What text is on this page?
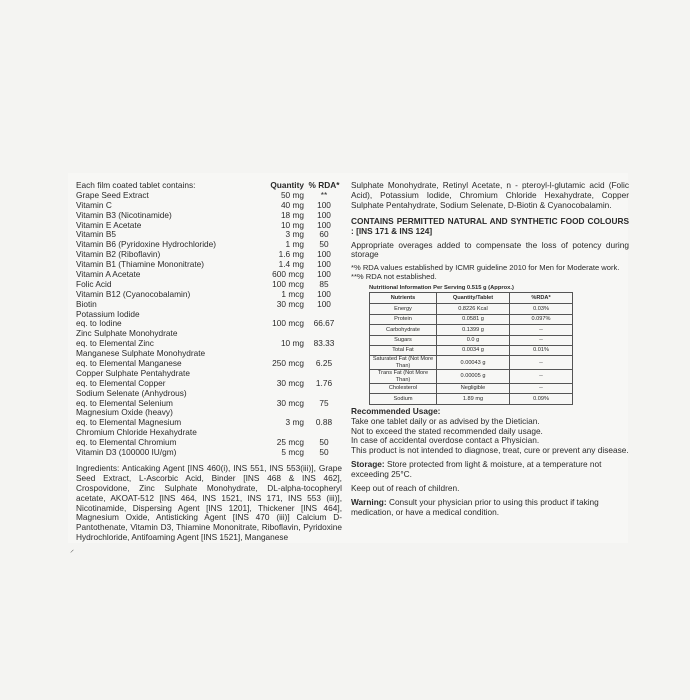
Each film coated tablet contains:	Quantity % RDA*
Grape Seed Extract	50 mg	**
Vitamin C	40 mg	100
Vitamin B3 (Nicotinamide)	18 mg	100
Vitamin E Acetate	10 mg	100
Vitamin B5	3 mg	60
Vitamin B6 (Pyridoxine Hydrochloride)	1 mg	50
Vitamin B2 (Riboflavin)	1.6 mg	100
Vitamin B1 (Thiamine Mononitrate)	1.4 mg	100
Vitamin A Acetate	600 mcg	100
Folic Acid	100 mcg	85
Vitamin B12 (Cyanocobalamin)	1 mcg	100
Biotin	30 mcg	100
Potassium Iodide
eq. to Iodine	100 mcg	66.67
Zinc Sulphate Monohydrate
eq. to Elemental Zinc	10 mg	83.33
Manganese Sulphate Monohydrate
eq. to Elemental Manganese	250 mcg	6.25
Copper Sulphate Pentahydrate
eq. to Elemental Copper	30 mcg	1.76
Sodium Selenate (Anhydrous)
eq. to Elemental Selenium	30 mcg	75
Magnesium Oxide (heavy)
eq. to Elemental Magnesium	3 mg	0.88
Chromium Chloride Hexahydrate
eq. to Elemental Chromium	25 mcg	50
Vitamin D3 (100000 IU/gm)	5 mcg	50

Ingredients: Anticaking Agent [INS 460(i), INS 551, INS 553(iii)], Grape Seed Extract, L-Ascorbic Acid, Binder [INS 468 & INS 462], Crospovidone, Zinc Sulphate Monohydrate, DL-alpha-tocopheryl acetate, AKOAT-512 [INS 464, INS 1521, INS 171, INS 553 (iii)], Nicotinamide, Dispersing Agent [INS 1201], Thickener [INS 464], Magnesium Oxide, Antisticking Agent [INS 470 (iii)] Calcium D-Pantothenate, Vitamin D3, Thiamine Mononitrate, Riboflavin, Pyridoxine Hydrochloride, Antifoaming Agent [INS 1521], Manganese

Sulphate Monohydrate, Retinyl Acetate, n - pteroyl-l-glutamic acid (Folic Acid), Potassium Iodide, Chromium Chloride Hexahydrate, Copper Sulphate Pentahydrate, Sodium Selenate, D-Biotin & Cyanocobalamin.

CONTAINS PERMITTED NATURAL AND SYNTHETIC FOOD COLOURS : [INS 171 & INS 124]

Appropriate overages added to compensate the loss of potency during storage

*% RDA values established by ICMR guideline 2010 for Men for Moderate work.
**% RDA not established.
Nutritional Information Per Serving 0.515 g (Approx.)
Nutrients	Quantity/Tablet	%RDA*
Energy	0.8226 Kcal	0.03%
Protein	0.0581 g	0.097%
Carbohydrate	0.1399 g	--
Sugars	0.0 g	--
Total Fat	0.0034 g	0.01%
Saturated Fat (Not More Than)	0.00043 g	--
Trans Fat (Not More Than)	0.00005 g	--
Cholesterol	Negligible	--
Sodium	1.89 mg	0.09%
Recommended Usage:
Take one tablet daily or as advised by the Dietician.
Not to exceed the stated recommended daily usage.
In case of accidental overdose contact a Physician.
This product is not intended to diagnose, treat, cure or prevent any disease.
Storage: Store protected from light & moisture, at a temperature not exceeding 25°C.
Keep out of reach of children.
Warning: Consult your physician prior to using this product if taking medication, or have a medical condition.
⸝
